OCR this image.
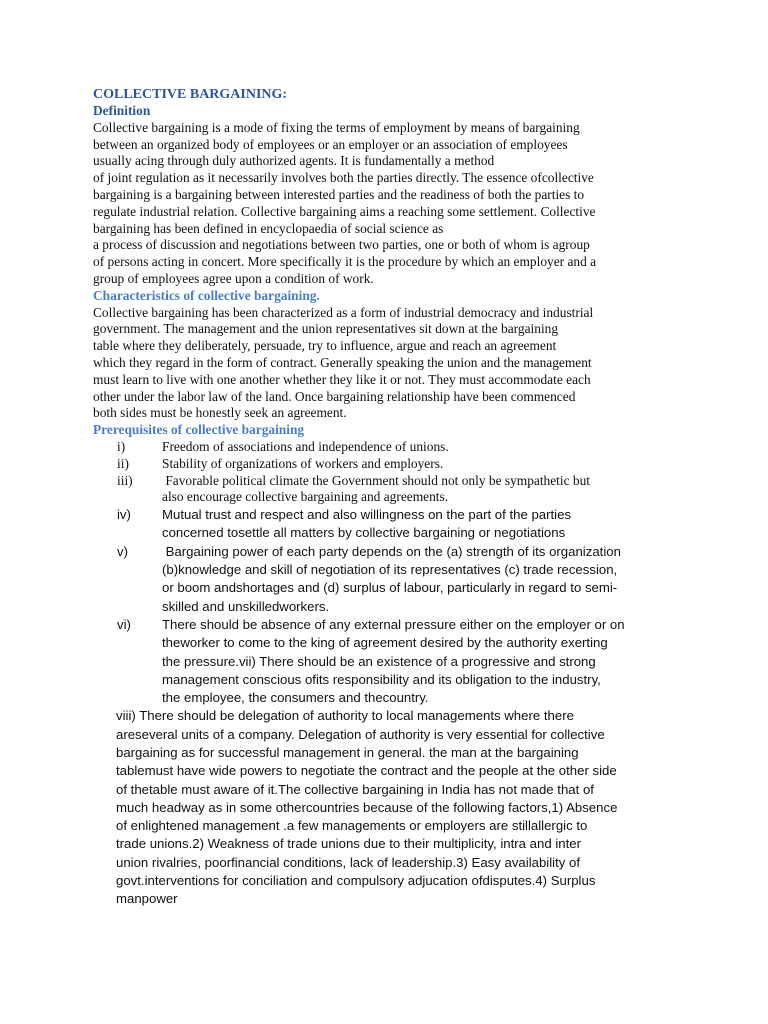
COLLECTIVE BARGAINING:

Definition

Collective bargaining is a mode of fixing the terms of employment by means of bargaining

between an organized body of employees or an employer or an association of employees

usually acing through duly authorized agents. It is fundamentally a method

of joint regulation as it necessarily involves both the parties directly. The essence ofcollective

bargaining is a bargaining between interested parties and the readiness of both the parties to

regulate industrial relation. Collective bargaining aims a reaching some settlement. Collective

bargaining has been defined in encyclopaedia of social science as

a process of discussion and negotiations between two parties, one or both of whom is agroup

of persons acting in concert. More specifically it is the procedure by which an employer and a

group of employees agree upon a condition of work.

Characteristics of collective bargaining.

Collective bargaining has been characterized as a form of industrial democracy and industrial

government. The management and the union representatives sit down at the bargaining

table where they deliberately, persuade, try to influence, argue and reach an agreement

which they regard in the form of contract. Generally speaking the union and the management

must learn to live with one another whether they like it or not. They must accommodate each

other under the labor law of the land. Once bargaining relationship have been commenced

both sides must be honestly seek an agreement.

Prerequisites of collective bargaining

i)	Freedom of associations and independence of unions.
ii)	Stability of organizations of workers and employers.
iii)	Favorable political climate the Government should not only be sympathetic but
also encourage collective bargaining and agreements.
iv)	Mutual trust and respect and also willingness on the part of the parties
concerned tosettle all matters by collective bargaining or negotiations
v)	Bargaining power of each party depends on the (a) strength of its organization
(b)knowledge and skill of negotiation of its representatives (c) trade recession,
or boom andshortages and (d) surplus of labour, particularly in regard to semi-
skilled and unskilledworkers.
vi)	There should be absence of any external pressure either on the employer or on
theworker to come to the king of agreement desired by the authority exerting
the pressure.vii) There should be an existence of a progressive and strong
management conscious ofits responsibility and its obligation to the industry,
the employee, the consumers and thecountry.

viii) There should be delegation of authority to local managements where there

areseveral units of a company. Delegation of authority is very essential for collective

bargaining as for successful management in general. the man at the bargaining

tablemust have wide powers to negotiate the contract and the people at the other side

of thetable must aware of it.The collective bargaining in India has not made that of

much headway as in some othercountries because of the following factors,1) Absence

of enlightened management .a few managements or employers are stillallergic to

trade unions.2) Weakness of trade unions due to their multiplicity, intra and inter

union rivalries, poorfinancial conditions, lack of leadership.3) Easy availability of

govt.interventions for conciliation and compulsory adjucation ofdisputes.4) Surplus

manpower
